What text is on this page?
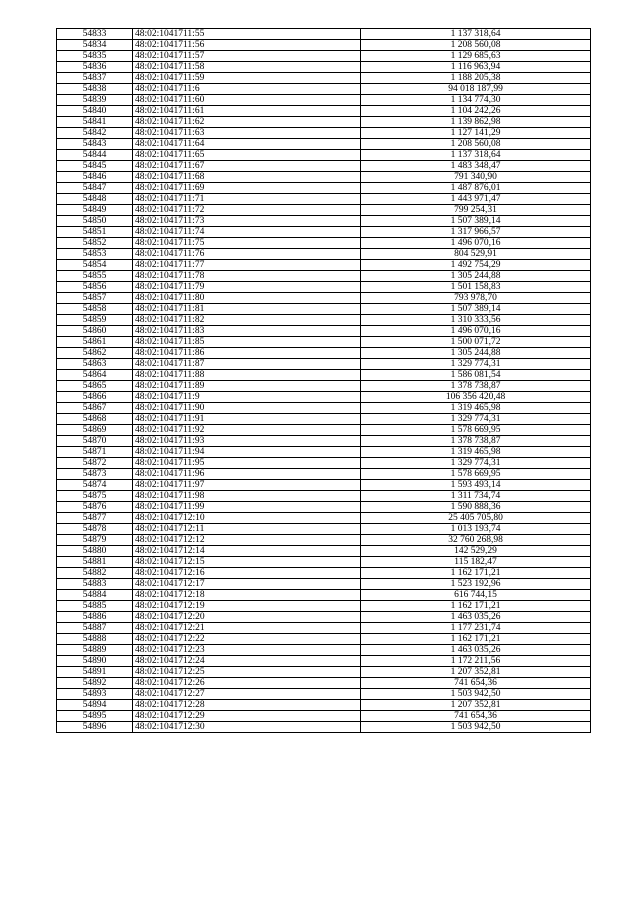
54833	48:02:1041711:55	1 137 318,64
54834	48:02:1041711:56	1 208 560,08
54835	48:02:1041711:57	1 129 685,63
54836	48:02:1041711:58	1 116 963,94
54837	48:02:1041711:59	1 188 205,38
54838	48:02:1041711:6	94 018 187,99
54839	48:02:1041711:60	1 134 774,30
54840	48:02:1041711:61	1 104 242,26
54841	48:02:1041711:62	1 139 862,98
54842	48:02:1041711:63	1 127 141,29
54843	48:02:1041711:64	1 208 560,08
54844	48:02:1041711:65	1 137 318,64
54845	48:02:1041711:67	1 483 348,47
54846	48:02:1041711:68	791 340,90
54847	48:02:1041711:69	1 487 876,01
54848	48:02:1041711:71	1 443 971,47
54849	48:02:1041711:72	799 254,31
54850	48:02:1041711:73	1 507 389,14
54851	48:02:1041711:74	1 317 966,57
54852	48:02:1041711:75	1 496 070,16
54853	48:02:1041711:76	804 529,91
54854	48:02:1041711:77	1 492 754,29
54855	48:02:1041711:78	1 305 244,88
54856	48:02:1041711:79	1 501 158,83
54857	48:02:1041711:80	793 978,70
54858	48:02:1041711:81	1 507 389,14
54859	48:02:1041711:82	1 310 333,56
54860	48:02:1041711:83	1 496 070,16
54861	48:02:1041711:85	1 500 071,72
54862	48:02:1041711:86	1 305 244,88
54863	48:02:1041711:87	1 329 774,31
54864	48:02:1041711:88	1 586 081,54
54865	48:02:1041711:89	1 378 738,87
54866	48:02:1041711:9	106 356 420,48
54867	48:02:1041711:90	1 319 465,98
54868	48:02:1041711:91	1 329 774,31
54869	48:02:1041711:92	1 578 669,95
54870	48:02:1041711:93	1 378 738,87
54871	48:02:1041711:94	1 319 465,98
54872	48:02:1041711:95	1 329 774,31
54873	48:02:1041711:96	1 578 669,95
54874	48:02:1041711:97	1 593 493,14
54875	48:02:1041711:98	1 311 734,74
54876	48:02:1041711:99	1 590 888,36
54877	48:02:1041712:10	25 405 705,80
54878	48:02:1041712:11	1 013 193,74
54879	48:02:1041712:12	32 760 268,98
54880	48:02:1041712:14	142 529,29
54881	48:02:1041712:15	115 182,47
54882	48:02:1041712:16	1 162 171,21
54883	48:02:1041712:17	1 523 192,96
54884	48:02:1041712:18	616 744,15
54885	48:02:1041712:19	1 162 171,21
54886	48:02:1041712:20	1 463 035,26
54887	48:02:1041712:21	1 177 231,74
54888	48:02:1041712:22	1 162 171,21
54889	48:02:1041712:23	1 463 035,26
54890	48:02:1041712:24	1 172 211,56
54891	48:02:1041712:25	1 207 352,81
54892	48:02:1041712:26	741 654,36
54893	48:02:1041712:27	1 503 942,50
54894	48:02:1041712:28	1 207 352,81
54895	48:02:1041712:29	741 654,36
54896	48:02:1041712:30	1 503 942,50
